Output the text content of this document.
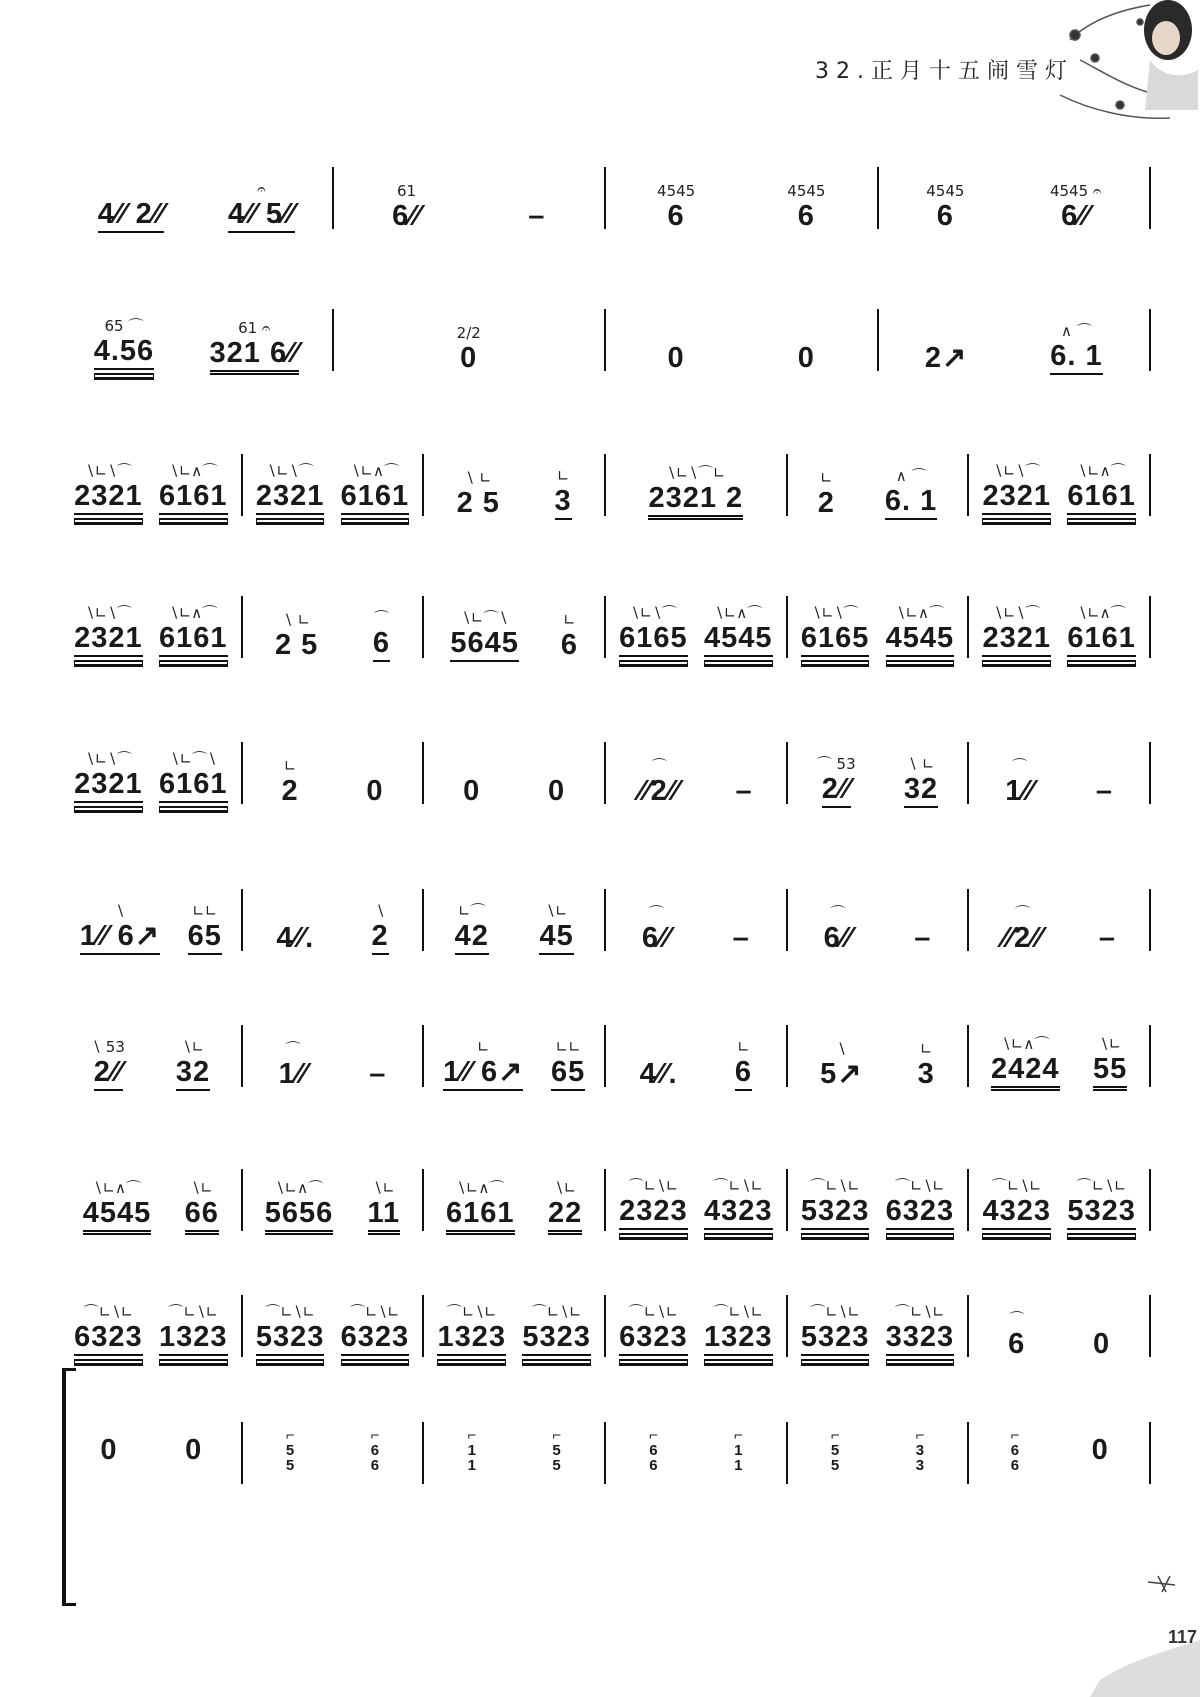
32.正月十五闹雪灯
117
4⁄⁄ 2⁄⁄
𝄐
4⁄⁄ 5⁄⁄
61
6⁄⁄	–
4545
6
4545
6
4545
6
4545 𝄐
6⁄⁄
65 ⌒
4.56
61 𝄐
321 6⁄⁄
2/2
0	0	0	2↗
∧ ⌒
6. 1
∖∟∖⌒
2321
∖∟∧⌒
6161
∖∟∖⌒
2321
∖∟∧⌒
6161
∖ ∟
2 5
∟
3
∖∟∖⌒∟
2321 2
∟
2
∧ ⌒
6. 1
∖∟∖⌒
2321
∖∟∧⌒
6161
∖∟∖⌒
2321
∖∟∧⌒
6161
∖ ∟
2 5
⌒
6
∖∟⌒∖
5645
∟
6
∖∟∖⌒
6165
∖∟∧⌒
4545
∖∟∖⌒
6165
∖∟∧⌒
4545
∖∟∖⌒
2321
∖∟∧⌒
6161
∖∟∖⌒
2321
∖∟⌒∖
6161
∟
2 0	0 0
⌒
⁄⁄2⁄⁄ –
⌒ 53
2⁄⁄
∖ ∟
32
⌒
1⁄⁄ –
∖
1⁄⁄ 6↗
∟∟
65 4⁄⁄.
∖
2
∟⌒
42
∖∟
45
⌒
6⁄⁄ –
⌒
6⁄⁄ –
⌒
⁄⁄2⁄⁄ –
∖ 53
2⁄⁄
∖∟
32
⌒
1⁄⁄ –
∟
1⁄⁄ 6↗
∟∟
65 4⁄⁄.
∟
6
∖
5↗
∟
3
∖∟∧⌒
2424
∖∟
55
∖∟∧⌒
4545
∖∟
66
∖∟∧⌒
5656
∖∟
11
∖∟∧⌒
6161
∖∟
22
⌒∟∖∟
2323
⌒∟∖∟
4323
⌒∟∖∟
5323
⌒∟∖∟
6323
⌒∟∖∟
4323
⌒∟∖∟
5323
⌒∟∖∟
6323
⌒∟∖∟
1323
⌒∟∖∟
5323
⌒∟∖∟
6323
⌒∟∖∟
1323
⌒∟∖∟
5323
⌒∟∖∟
6323
⌒∟∖∟
1323
⌒∟∖∟
5323
⌒∟∖∟
3323
⌒
6 0
0 0	⌐
5
5
⌐
6
6
⌐
1
1
⌐
5
5
⌐
6
6
⌐
1
1
⌐
5
5
⌐
3
3
⌐
6
6	0
